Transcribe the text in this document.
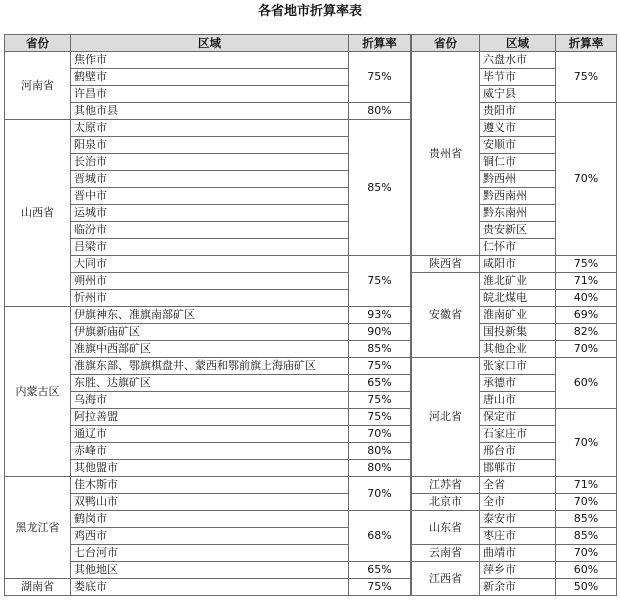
各省地市折算率表
省份	区域	折算率
河南省	焦作市	75%
	鹤壁市	
	许昌市	
	其他市县	80%
山西省	太原市	85%
	阳泉市	
	长治市	
	晋城市	
	晋中市	
	运城市	
	临汾市	
	吕梁市	
	大同市	75%
	朔州市	
	忻州市	
内蒙古区	伊旗神东、准旗南部矿区	93%
	伊旗新庙矿区	90%
	准旗中西部矿区	85%
	准旗东部、鄂旗棋盘井、蒙西和鄂前旗上海庙矿区	75%
	东胜、达旗矿区	65%
	乌海市	75%
	阿拉善盟	75%
	通辽市	70%
	赤峰市	80%
	其他盟市	80%
黑龙江省	佳木斯市	70%
	双鸭山市	
	鹤岗市	68%
	鸡西市	
	七台河市	
	其他地区	65%
湖南省	娄底市	75%
省份	区域	折算率
贵州省	六盘水市	75%
	毕节市	
	威宁县	
	贵阳市	70%
	遵义市	
	安顺市	
	铜仁市	
	黔西州	
	黔西南州	
	黔东南州	
	贵安新区	
	仁怀市	
陕西省	咸阳市	75%
安徽省	淮北矿业	71%
	皖北煤电	40%
	淮南矿业	69%
	国投新集	82%
	其他企业	70%
河北省	张家口市	60%
	承德市	
	唐山市	
	保定市	70%
	石家庄市	
	邢台市	
	邯郸市	
江苏省	全省	71%
北京市	全市	70%
山东省	泰安市	85%
	枣庄市	85%
云南省	曲靖市	70%
江西省	萍乡市	60%
	新余市	50%
